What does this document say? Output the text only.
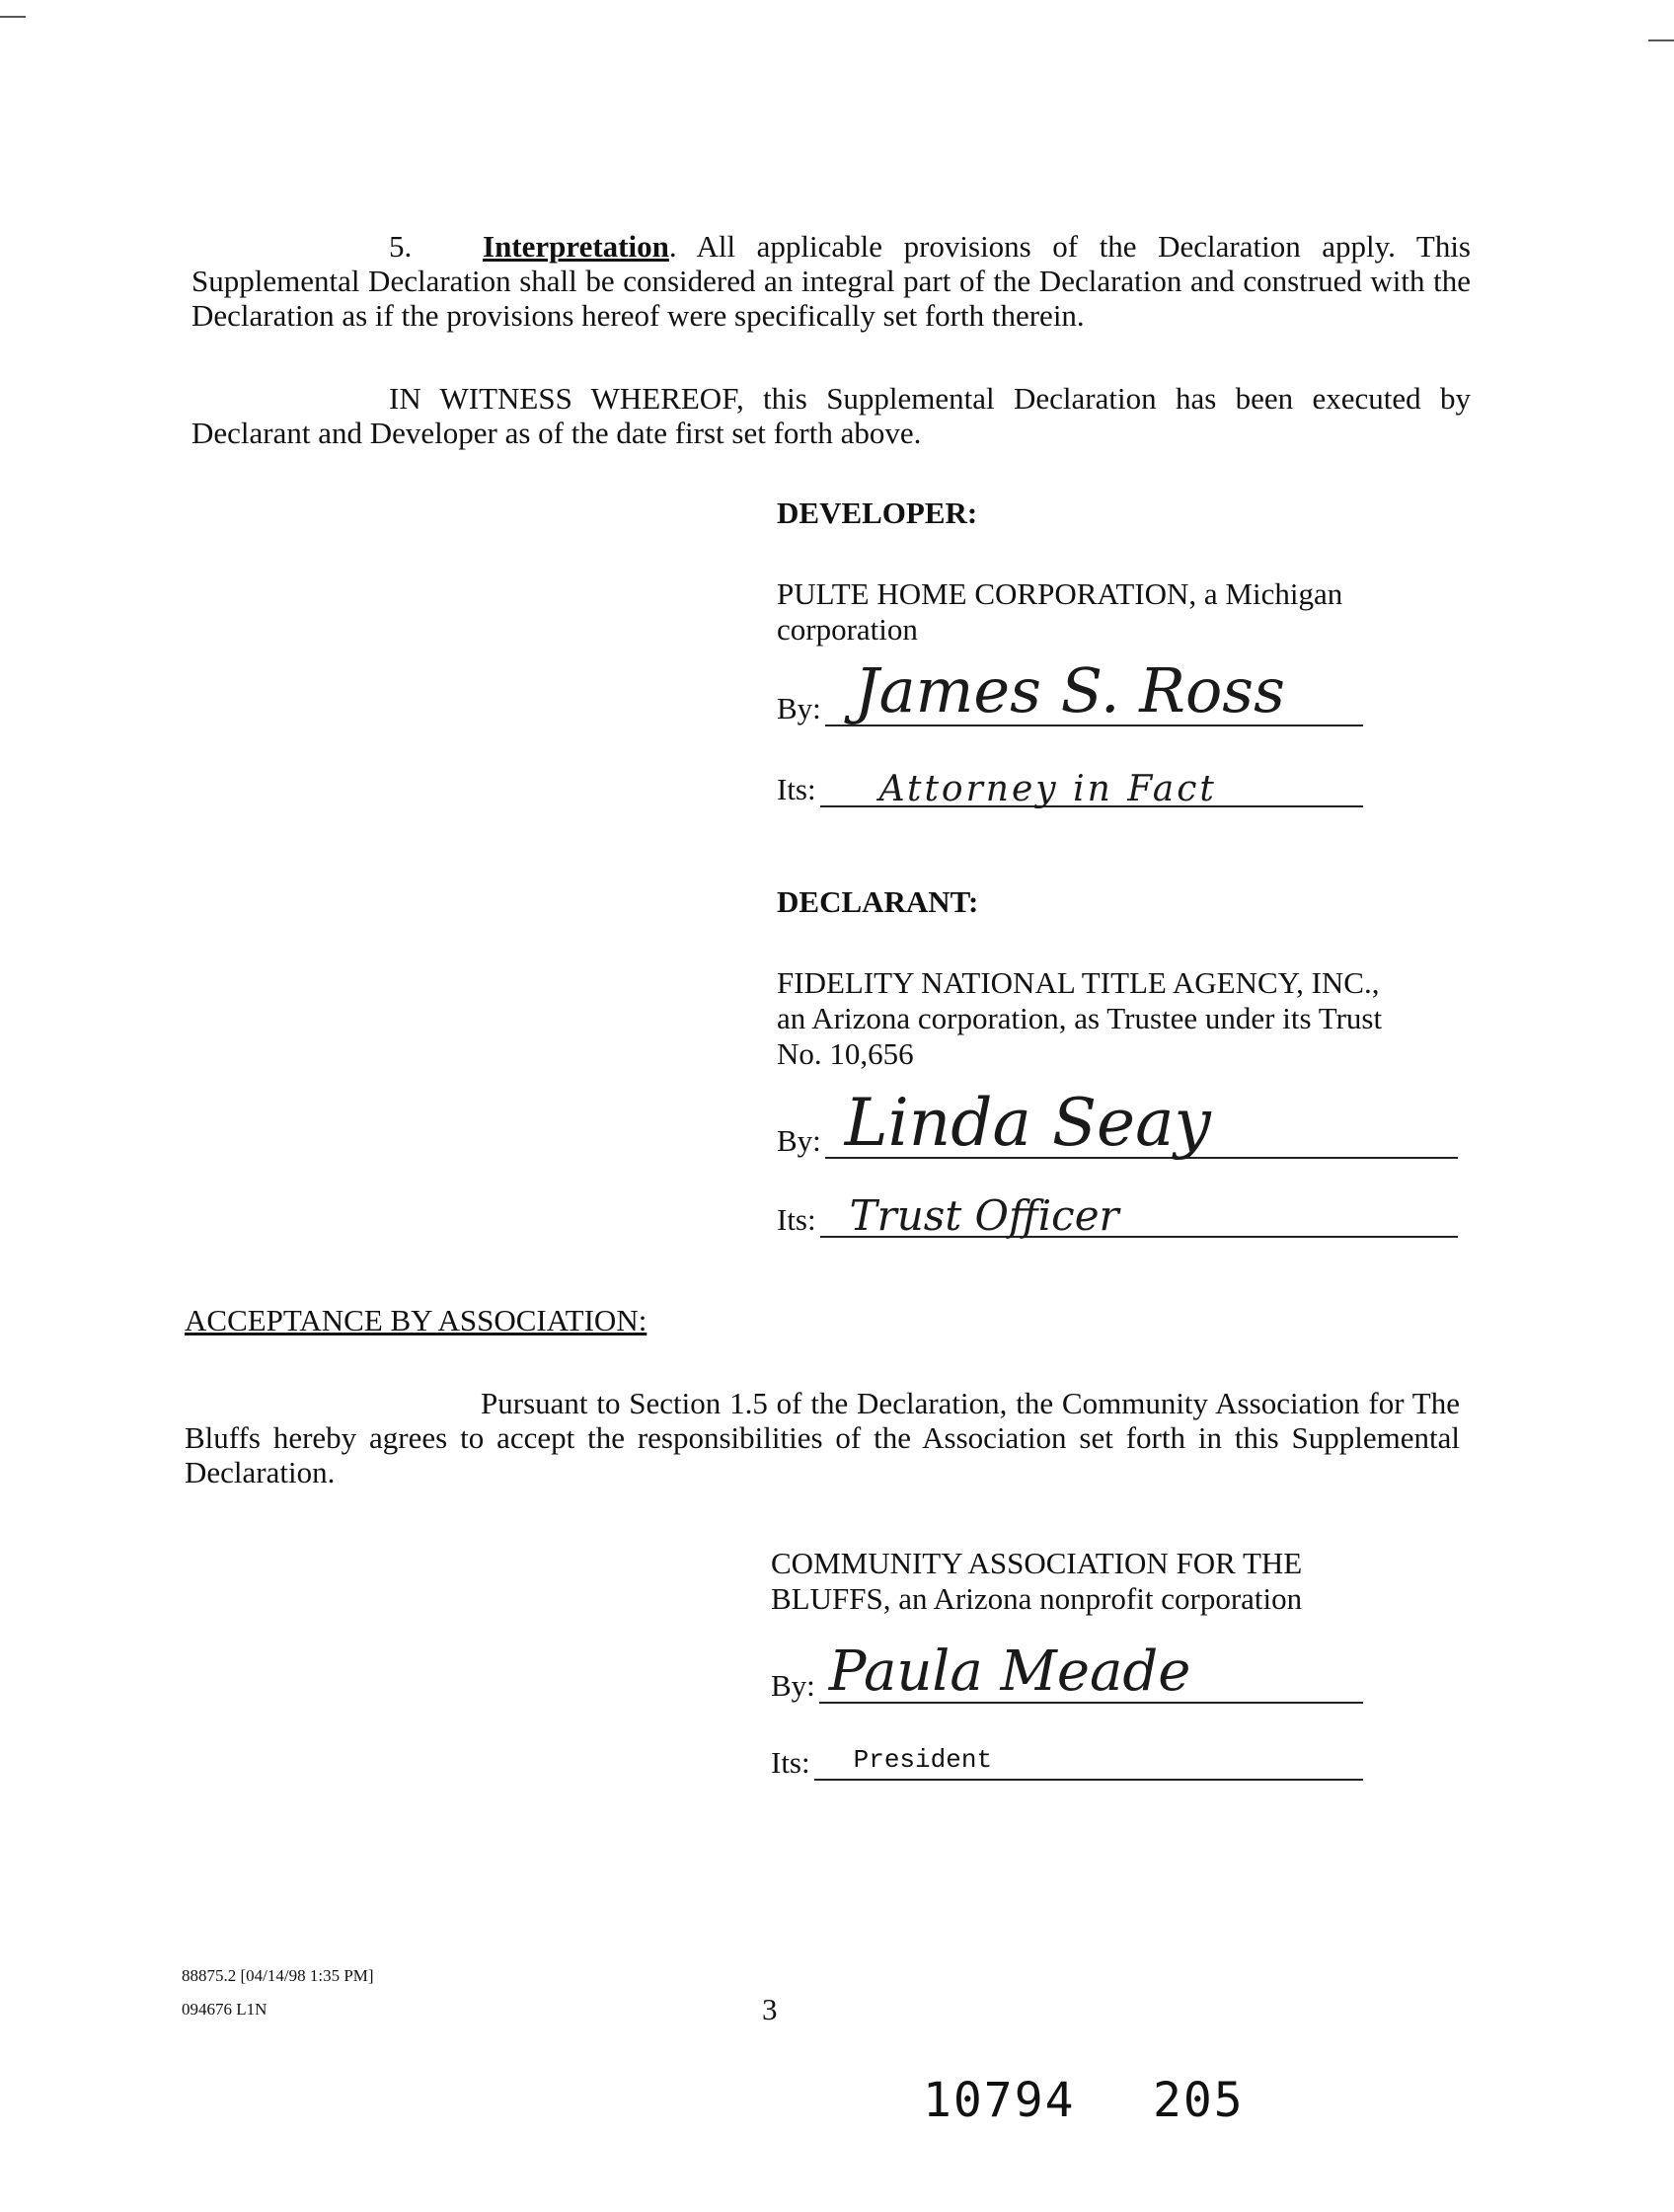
5. Interpretation. All applicable provisions of the Declaration apply. This Supplemental Declaration shall be considered an integral part of the Declaration and construed with the Declaration as if the provisions hereof were specifically set forth therein.
IN WITNESS WHEREOF, this Supplemental Declaration has been executed by Declarant and Developer as of the date first set forth above.
DEVELOPER:
PULTE HOME CORPORATION, a Michigan
corporation
By: James S. Ross
Its: Attorney in Fact
DECLARANT:
FIDELITY NATIONAL TITLE AGENCY, INC.,
an Arizona corporation, as Trustee under its Trust
No. 10,656
By: Linda Seay
Its: Trust Officer
ACCEPTANCE BY ASSOCIATION:
Pursuant to Section 1.5 of the Declaration, the Community Association for The Bluffs hereby agrees to accept the responsibilities of the Association set forth in this Supplemental Declaration.
COMMUNITY ASSOCIATION FOR THE
BLUFFS, an Arizona nonprofit corporation
By: Paula Meade
Its: President
88875.2 [04/14/98 1:35 PM]
094676 L1N	3
10794 205
